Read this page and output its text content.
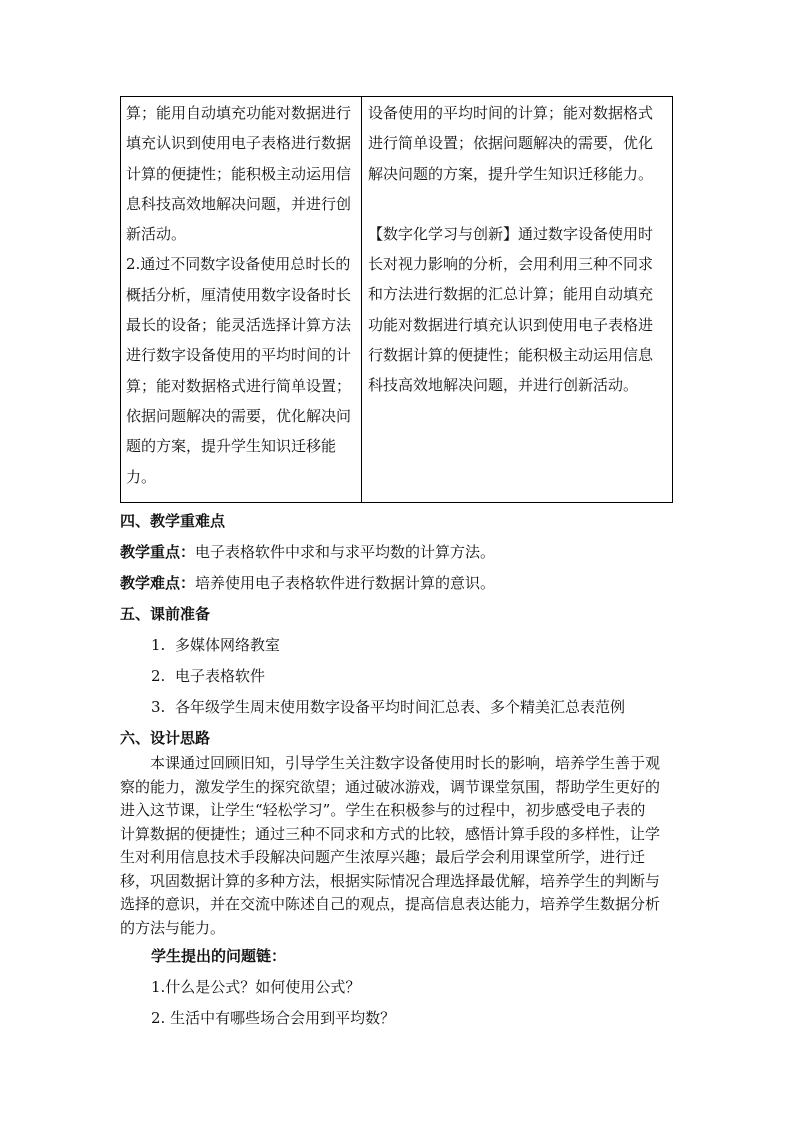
算；能用自动填充功能对数据进行填充认识到使用电子表格进行数据计算的便捷性；能积极主动运用信息科技高效地解决问题，并进行创新活动。
2.通过不同数字设备使用总时长的概括分析，厘清使用数字设备时长最长的设备；能灵活选择计算方法进行数字设备使用的平均时间的计算；能对数据格式进行简单设置；依据问题解决的需要，优化解决问题的方案，提升学生知识迁移能力。

设备使用的平均时间的计算；能对数据格式进行简单设置；依据问题解决的需要，优化解决问题的方案，提升学生知识迁移能力。
【数字化学习与创新】通过数字设备使用时长对视力影响的分析，会用利用三种不同求和方法进行数据的汇总计算；能用自动填充功能对数据进行填充认识到使用电子表格进行数据计算的便捷性；能积极主动运用信息科技高效地解决问题，并进行创新活动。
四、教学重难点
教学重点：电子表格软件中求和与求平均数的计算方法。
教学难点：培养使用电子表格软件进行数据计算的意识。
五、课前准备
1. 多媒体网络教室
2. 电子表格软件
3. 各年级学生周末使用数字设备平均时间汇总表、多个精美汇总表范例
六、设计思路
本课通过回顾旧知，引导学生关注数字设备使用时长的影响，培养学生善于观察的能力，激发学生的探究欲望；通过破冰游戏，调节课堂氛围，帮助学生更好的进入这节课，让学生“轻松学习”。学生在积极参与的过程中，初步感受电子表的计算数据的便捷性；通过三种不同求和方式的比较，感悟计算手段的多样性，让学生对利用信息技术手段解决问题产生浓厚兴趣；最后学会利用课堂所学，进行迁移，巩固数据计算的多种方法，根据实际情况合理选择最优解，培养学生的判断与选择的意识，并在交流中陈述自己的观点，提高信息表达能力，培养学生数据分析的方法与能力。
学生提出的问题链：
1.什么是公式？如何使用公式？
2. 生活中有哪些场合会用到平均数？
